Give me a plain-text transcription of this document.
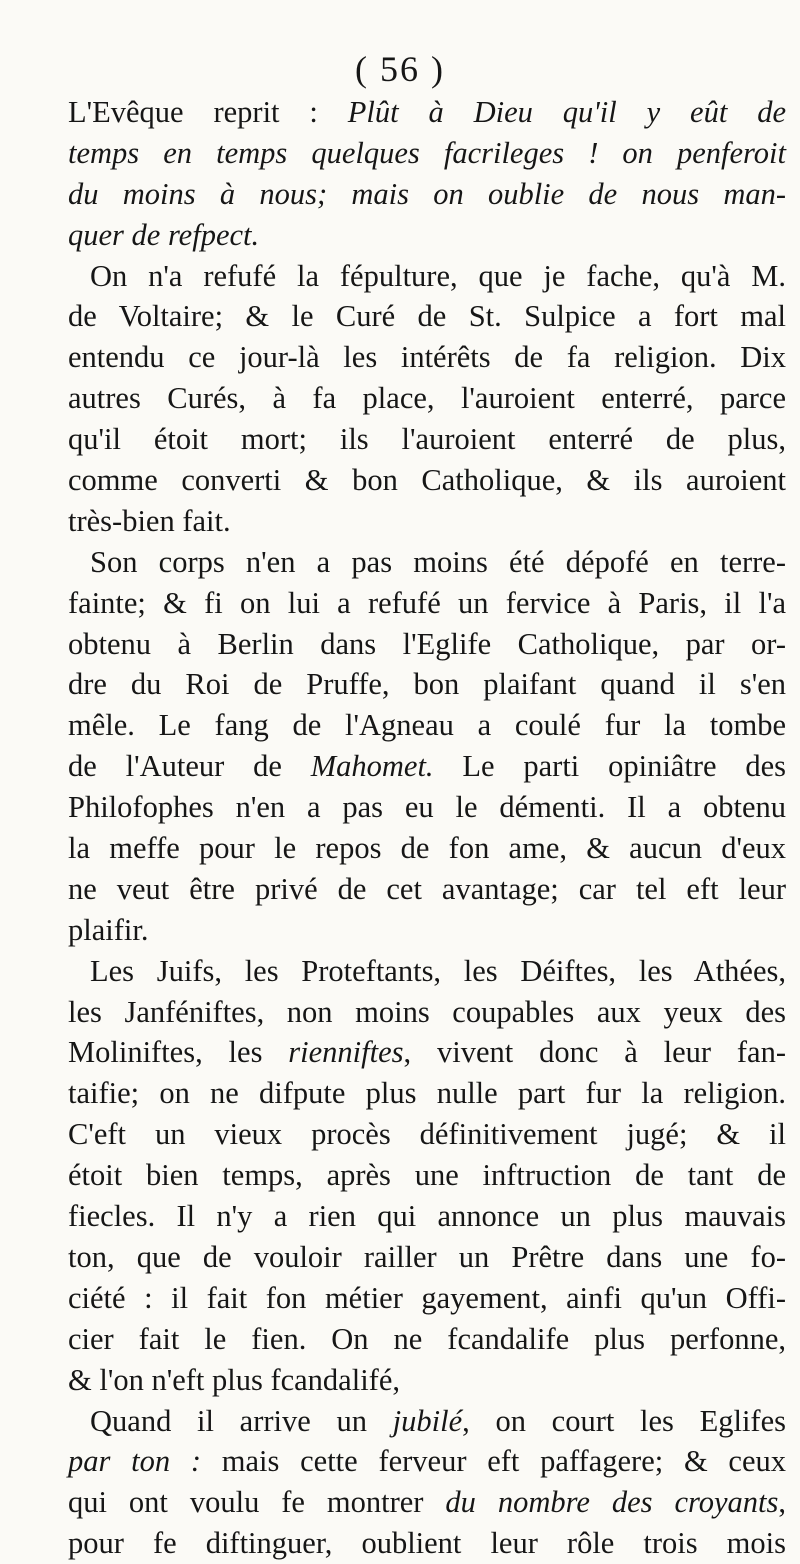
( 56 )
L'Evêque reprit : Plût à Dieu qu'il y eût de
temps en temps quelques facrileges ! on penferoit
du moins à nous; mais on oublie de nous man-
quer de refpect.
On n'a refufé la fépulture, que je fache, qu'à M.
de Voltaire; & le Curé de St. Sulpice a fort mal
entendu ce jour-là les intérêts de fa religion. Dix
autres Curés, à fa place, l'auroient enterré, parce
qu'il étoit mort; ils l'auroient enterré de plus,
comme converti & bon Catholique, & ils auroient
très-bien fait.
Son corps n'en a pas moins été dépofé en terre-
fainte; & fi on lui a refufé un fervice à Paris, il l'a
obtenu à Berlin dans l'Eglife Catholique, par or-
dre du Roi de Pruffe, bon plaifant quand il s'en
mêle. Le fang de l'Agneau a coulé fur la tombe
de l'Auteur de Mahomet. Le parti opiniâtre des
Philofophes n'en a pas eu le démenti. Il a obtenu
la meffe pour le repos de fon ame, & aucun d'eux
ne veut être privé de cet avantage; car tel eft leur
plaifir.
Les Juifs, les Proteftants, les Déiftes, les Athées,
les Janféniftes, non moins coupables aux yeux des
Moliniftes, les rienniftes, vivent donc à leur fan-
taifie; on ne difpute plus nulle part fur la religion.
C'eft un vieux procès définitivement jugé; & il
étoit bien temps, après une inftruction de tant de
fiecles. Il n'y a rien qui annonce un plus mauvais
ton, que de vouloir railler un Prêtre dans une fo-
ciété : il fait fon métier gayement, ainfi qu'un Offi-
cier fait le fien. On ne fcandalife plus perfonne,
& l'on n'eft plus fcandalifé,
Quand il arrive un jubilé, on court les Eglifes
par ton : mais cette ferveur eft paffagere; & ceux
qui ont voulu fe montrer du nombre des croyants,
pour fe diftinguer, oublient leur rôle trois mois
